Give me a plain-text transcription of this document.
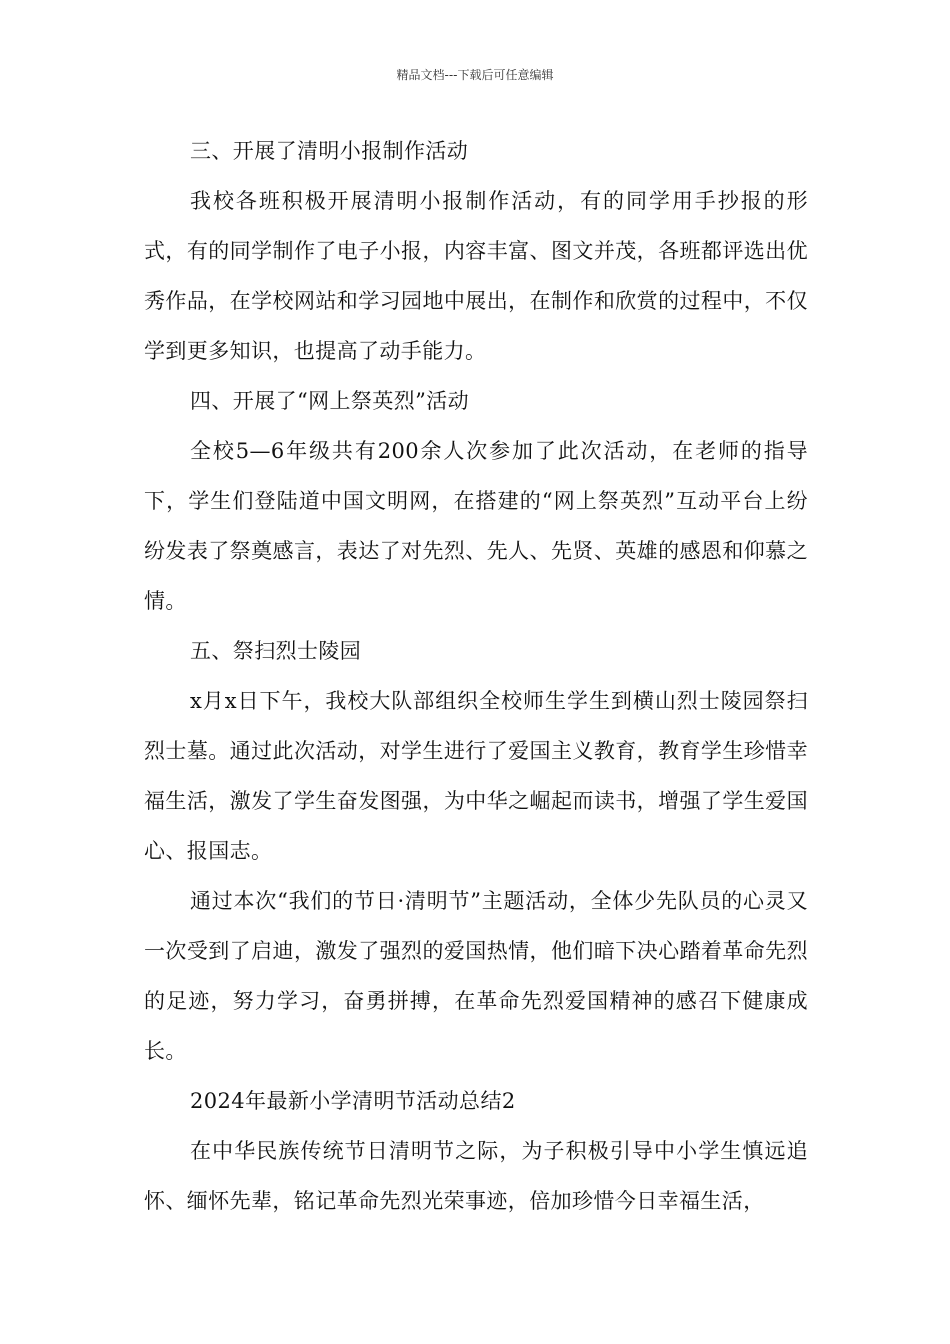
精品文档---下载后可任意编辑

三、开展了清明小报制作活动

我校各班积极开展清明小报制作活动，有的同学用手抄报的形式，有的同学制作了电子小报，内容丰富、图文并茂，各班都评选出优秀作品，在学校网站和学习园地中展出，在制作和欣赏的过程中，不仅学到更多知识，也提高了动手能力。

四、开展了“网上祭英烈”活动

全校5—6年级共有200余人次参加了此次活动，在老师的指导下，学生们登陆道中国文明网，在搭建的“网上祭英烈”互动平台上纷纷发表了祭奠感言，表达了对先烈、先人、先贤、英雄的感恩和仰慕之情。

五、祭扫烈士陵园

x月x日下午，我校大队部组织全校师生学生到横山烈士陵园祭扫烈士墓。通过此次活动，对学生进行了爱国主义教育，教育学生珍惜幸福生活，激发了学生奋发图强，为中华之崛起而读书，增强了学生爱国心、报国志。

通过本次“我们的节日·清明节”主题活动，全体少先队员的心灵又一次受到了启迪，激发了强烈的爱国热情，他们暗下决心踏着革命先烈的足迹，努力学习，奋勇拼搏，在革命先烈爱国精神的感召下健康成长。

2024年最新小学清明节活动总结2

在中华民族传统节日清明节之际，为子积极引导中小学生慎远追怀、缅怀先辈，铭记革命先烈光荣事迹，倍加珍惜今日幸福生活，
